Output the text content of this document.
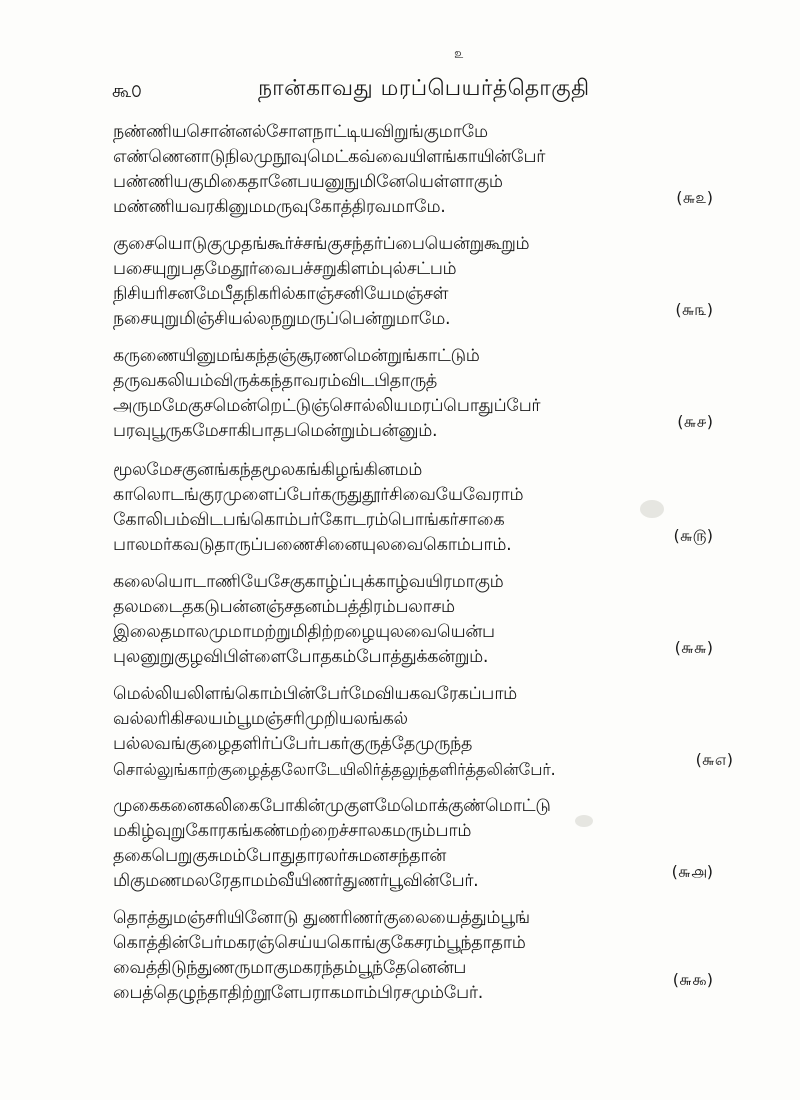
௨
கூ௦	நான்காவது மரப்பெயர்த்தொகுதி
நண்ணியசொன்னல்சோளநாட்டியவிறுங்குமாமே
எண்ணெனாடுநிலமுநூவுமெட்கவ்வையிளங்காயின்பேர்
பண்ணியகுமிகைதானேபயனுநுமினேயெள்ளாகும்
மண்ணியவரகினுமமருவுகோத்திரவமாமே.	(௬௨)
குசையொடுகுமுதங்கூர்ச்சங்குசந்தர்ப்பையென்றுகூறும்
பசையுறுபதமேதூர்வைபச்சறுகிளம்புல்சட்பம்
நிசியரிசனமேபீதநிகரில்காஞ்சனியேமஞ்சள்
நசையுறுமிஞ்சியல்லநறுமருப்பென்றுமாமே.	(௬௩)
கருணையினுமங்கந்தஞ்சூரணமென்றுங்காட்டும்
தருவகலியம்விருக்கந்தாவரம்விடபிதாருத்
அருமமேகுசமென்றெட்டுஞ்சொல்லியமரப்பொதுப்பேர்
பரவுபூருகமேசாகிபாதபமென்றும்பன்னும்.	(௬௪)
மூலமேசகுனங்கந்தமூலகங்கிழங்கினமம்
காலொடங்குரமுளைப்பேர்கருதுதூர்சிவையேவேராம்
கோலிபம்விடபங்கொம்பர்கோடரம்பொங்கர்சாகை
பாலமர்கவடுதாருப்பணைசினையுலவைகொம்பாம்.	(௬௫)
கலையொடாணியேசேகுகாழ்ப்புக்காழ்வயிரமாகும்
தலமடைதகடுபன்னஞ்சதனம்பத்திரம்பலாசம்
இலைதமாலமுமாமற்றுமிதிற்றழையுலவையென்ப
புலனுறுகுழவிபிள்ளைபோதகம்போத்துக்கன்றும்.	(௬௬)
மெல்லியலிளங்கொம்பின்பேர்மேவியகவரேகப்பாம்
வல்லரிகிசலயம்பூமஞ்சரிமுறியலங்கல்
பல்லவங்குழைதளிர்ப்பேர்பகர்குருத்தேமுருந்த
சொல்லுங்காற்குழைத்தலோடேயிலிர்த்தலுந்தளிர்த்தலின்பேர்.
(௬௭)
முகைகனைகலிகைபோகின்முகுளமேமொக்குண்மொட்டு
மகிழ்வுறுகோரகங்கண்மற்றைச்சாலகமரும்பாம்
தகைபெறுகுசுமம்போதுதாரலர்சுமனசந்தான்
மிகுமணமலரேதாமம்வீயிணர்துணர்பூவின்பேர்.	(௬௮)
தொத்துமஞ்சரியினோடு துணரிணர்குலையைத்தும்பூங்
கொத்தின்பேர்மகரஞ்செய்யகொங்குகேசரம்பூந்தாதாம்
வைத்திடுந்துணருமாகுமகரந்தம்பூந்தேனென்ப
பைத்தெழுந்தாதிற்றூளேபராகமாம்பிரசமும்பேர்.
(௬௯)
